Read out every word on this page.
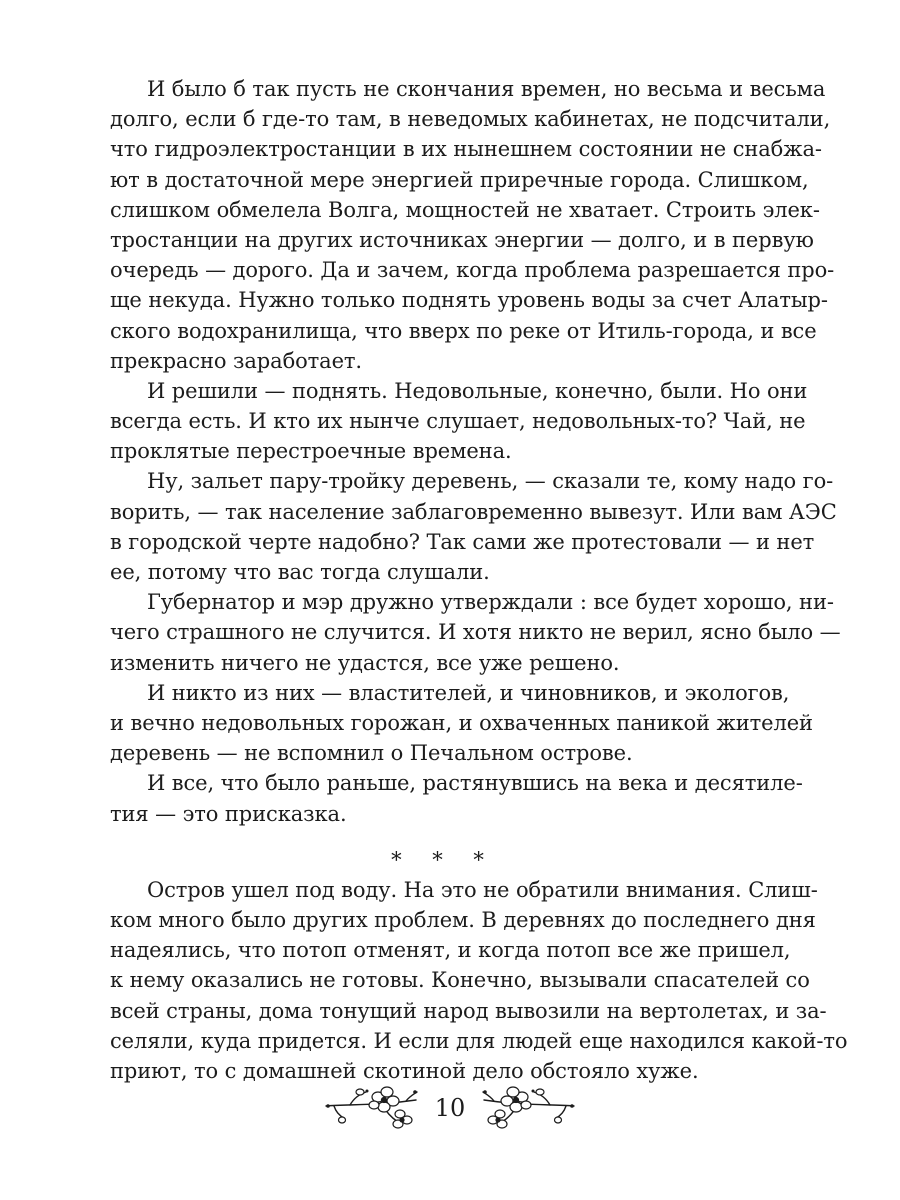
И было б так пусть не скончания времен, но весьма и весьма
долго, если б где-то там, в неведомых кабинетах, не подсчитали,
что гидроэлектростанции в их нынешнем состоянии не снабжа-
ют в достаточной мере энергией приречные города. Слишком,
слишком обмелела Волга, мощностей не хватает. Строить элек-
тростанции на других источниках энергии — долго, и в первую
очередь — дорого. Да и зачем, когда проблема разрешается про-
ще некуда. Нужно только поднять уровень воды за счет Алатыр-
ского водохранилища, что вверх по реке от Итиль-города, и все
прекрасно заработает.
И решили — поднять. Недовольные, конечно, были. Но они
всегда есть. И кто их нынче слушает, недовольных-то? Чай, не
проклятые перестроечные времена.
Ну, зальет пару-тройку деревень, — сказали те, кому надо го-
ворить, — так население заблаговременно вывезут. Или вам АЭС
в городской черте надобно? Так сами же протестовали — и нет
ее, потому что вас тогда слушали.
Губернатор и мэр дружно утверждали : все будет хорошо, ни-
чего страшного не случится. И хотя никто не верил, ясно было —
изменить ничего не удастся, все уже решено.
И никто из них — властителей, и чиновников, и экологов,
и вечно недовольных горожан, и охваченных паникой жителей
деревень — не вспомнил о Печальном острове.
И все, что было раньше, растянувшись на века и десятиле-
тия — это присказка.
* * *
Остров ушел под воду. На это не обратили внимания. Слиш-
ком много было других проблем. В деревнях до последнего дня
надеялись, что потоп отменят, и когда потоп все же пришел,
к нему оказались не готовы. Конечно, вызывали спасателей со
всей страны, дома тонущий народ вывозили на вертолетах, и за-
селяли, куда придется. И если для людей еще находился какой-то
приют, то с домашней скотиной дело обстояло хуже.
10
